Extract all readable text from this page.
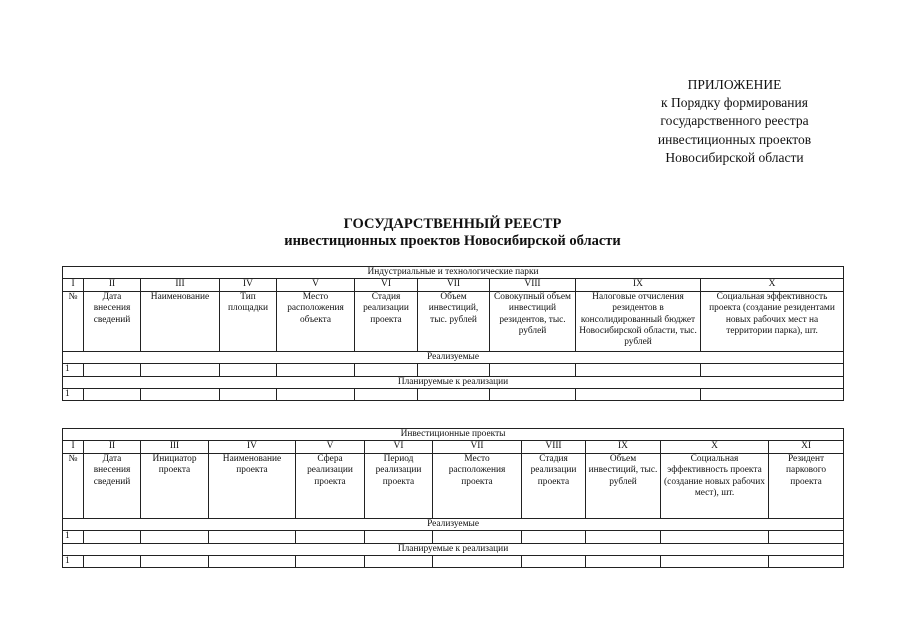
ПРИЛОЖЕНИЕ
к Порядку формирования
государственного реестра
инвестиционных проектов
Новосибирской области
ГОСУДАРСТВЕННЫЙ РЕЕСТР
инвестиционных проектов Новосибирской области
Индустриальные и технологические парки									
I	II	III	IV	V	VI	VII	VIII	IX	X
№	Дата внесения сведений	Наименование	Тип площадки	Место расположения объекта	Стадия реализации проекта	Объем инвестиций, тыс. рублей	Совокупный объем инвестиций резидентов, тыс. рублей	Налоговые отчисления резидентов в консолидированный бюджет Новосибирской области, тыс. рублей	Социальная эффективность проекта (создание резидентами новых рабочих мест на территории парка), шт.
Реализуемые									
1									
Планируемые к реализации									
1									
Инвестиционные проекты										
I	II	III	IV	V	VI	VII	VIII	IX	X	XI
№	Дата внесения сведений	Инициатор проекта	Наименование проекта	Сфера реализации проекта	Период реализации проекта	Место расположения проекта	Стадия реализации проекта	Объем инвестиций, тыс. рублей	Социальная эффективность проекта (создание новых рабочих мест), шт.	Резидент паркового проекта
Реализуемые										
1										
Планируемые к реализации										
1										
